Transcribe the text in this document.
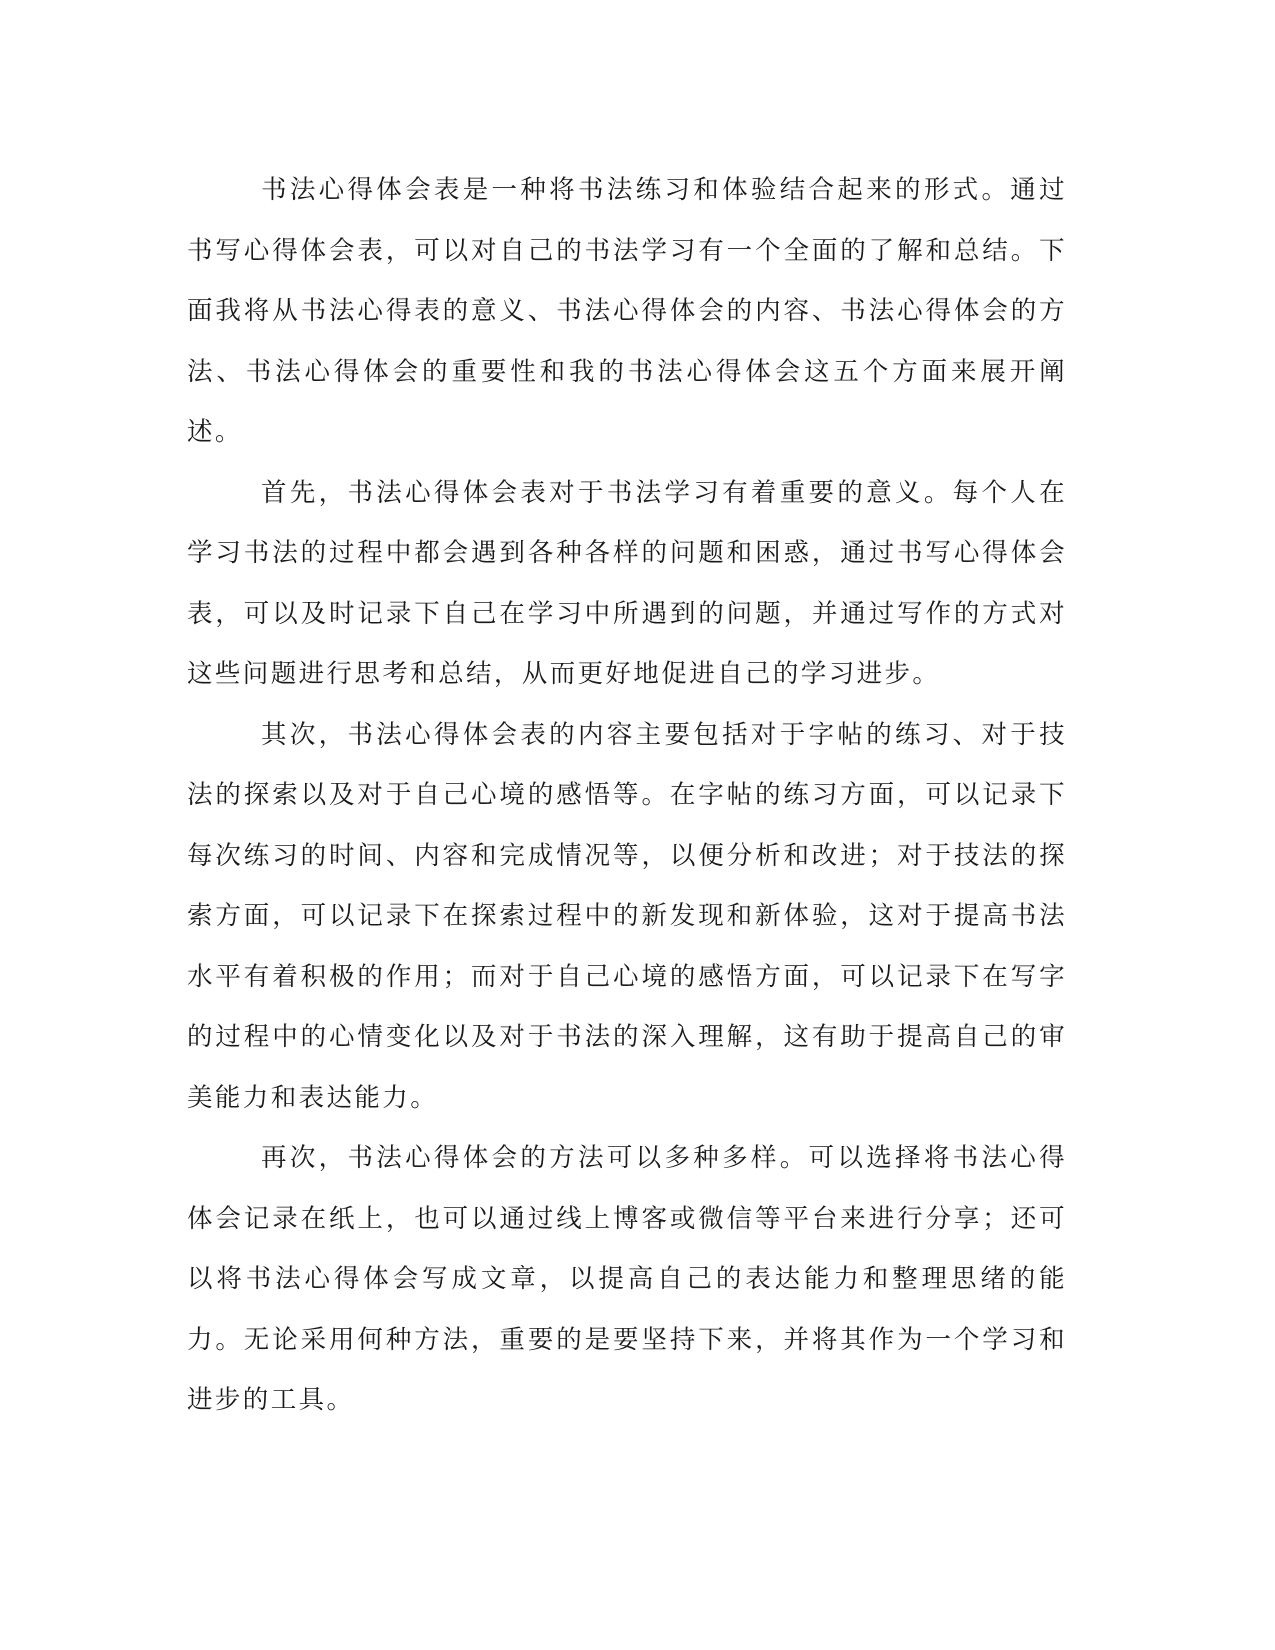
书法心得体会表是一种将书法练习和体验结合起来的形式。通过书写心得体会表，可以对自己的书法学习有一个全面的了解和总结。下面我将从书法心得表的意义、书法心得体会的内容、书法心得体会的方法、书法心得体会的重要性和我的书法心得体会这五个方面来展开阐述。

首先，书法心得体会表对于书法学习有着重要的意义。每个人在学习书法的过程中都会遇到各种各样的问题和困惑，通过书写心得体会表，可以及时记录下自己在学习中所遇到的问题，并通过写作的方式对这些问题进行思考和总结，从而更好地促进自己的学习进步。

其次，书法心得体会表的内容主要包括对于字帖的练习、对于技法的探索以及对于自己心境的感悟等。在字帖的练习方面，可以记录下每次练习的时间、内容和完成情况等，以便分析和改进；对于技法的探索方面，可以记录下在探索过程中的新发现和新体验，这对于提高书法水平有着积极的作用；而对于自己心境的感悟方面，可以记录下在写字的过程中的心情变化以及对于书法的深入理解，这有助于提高自己的审美能力和表达能力。

再次，书法心得体会的方法可以多种多样。可以选择将书法心得体会记录在纸上，也可以通过线上博客或微信等平台来进行分享；还可以将书法心得体会写成文章，以提高自己的表达能力和整理思绪的能力。无论采用何种方法，重要的是要坚持下来，并将其作为一个学习和进步的工具。
